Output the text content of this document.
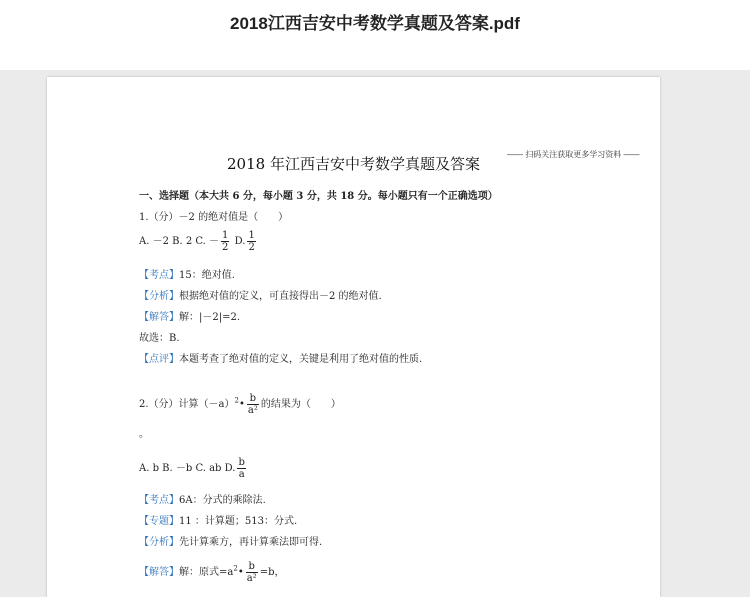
2018江西吉安中考数学真题及答案.pdf
—— 扫码关注获取更多学习资料 ——
2018 年江西吉安中考数学真题及答案
一、选择题（本大共 6 分，每小题 3 分，共 18 分。每小题只有一个正确选项）
1.（分）－2 的绝对值是（　　）
A. －2 B. 2 C. － $\frac{1}{2} D$. $\frac{1}{2}$
【考点】15：绝对值.
【分析】根据绝对值的定义，可直接得出－2 的绝对值.
【解答】解：|－2|=2.
故选：B.
【点评】本题考查了绝对值的定义，关键是利用了绝对值的性质.
2.（分）计算$(-a)^2• \frac{b}{\text{a²}}$ 的结果为（　　）
。
A. b B. －b C. ab D. $\frac{b}{a}$
【考点】6A：分式的乘除法.
【专题】11 ：计算题；513：分式.
【分析】先计算乘方，再计算乘法即可得.
【解答】解：原式$=a^2• \frac{b}{\text{a²}} =b$，
